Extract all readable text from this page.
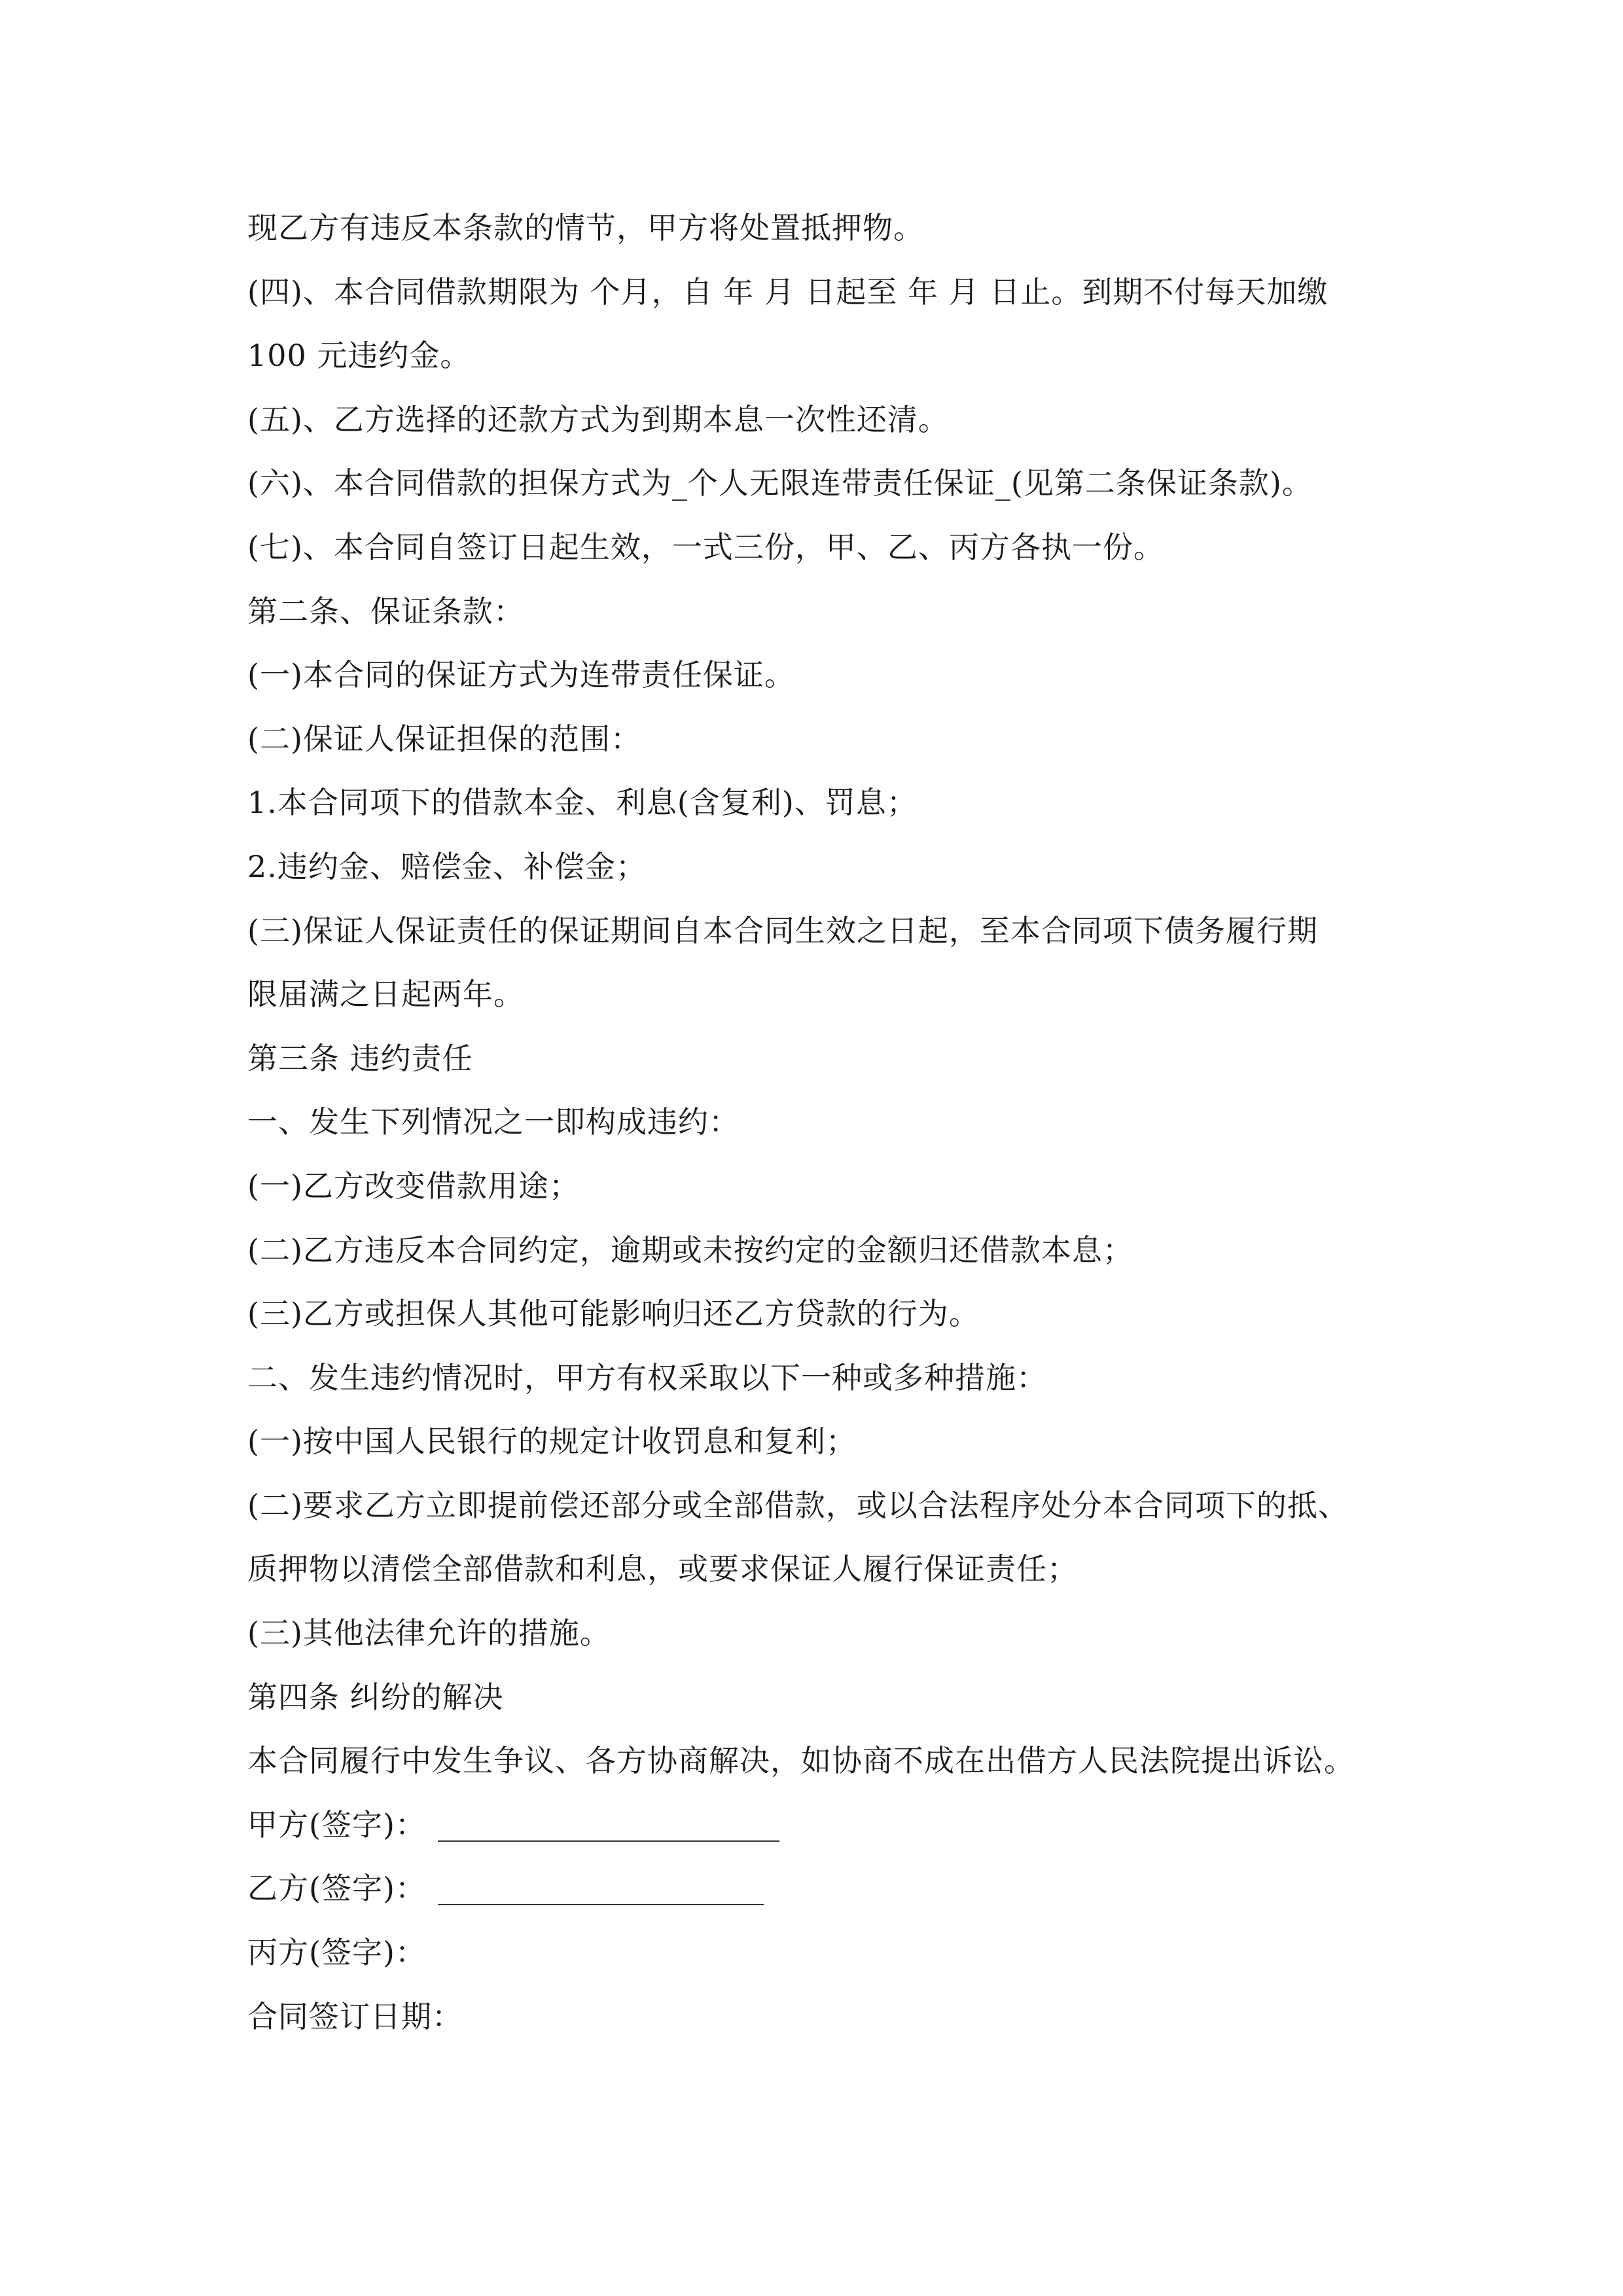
现乙方有违反本条款的情节，甲方将处置抵押物。
(四)、本合同借款期限为 个月，自 年 月 日起至 年 月 日止。到期不付每天加缴
100 元违约金。
(五)、乙方选择的还款方式为到期本息一次性还清。
(六)、本合同借款的担保方式为_个人无限连带责任保证_(见第二条保证条款)。
(七)、本合同自签订日起生效，一式三份，甲、乙、丙方各执一份。
第二条、保证条款：
(一)本合同的保证方式为连带责任保证。
(二)保证人保证担保的范围：
1.本合同项下的借款本金、利息(含复利)、罚息；
2.违约金、赔偿金、补偿金；
(三)保证人保证责任的保证期间自本合同生效之日起，至本合同项下债务履行期
限届满之日起两年。
第三条 违约责任
一、发生下列情况之一即构成违约：
(一)乙方改变借款用途；
(二)乙方违反本合同约定，逾期或未按约定的金额归还借款本息；
(三)乙方或担保人其他可能影响归还乙方贷款的行为。
二、发生违约情况时，甲方有权采取以下一种或多种措施：
(一)按中国人民银行的规定计收罚息和复利；
(二)要求乙方立即提前偿还部分或全部借款，或以合法程序处分本合同项下的抵、
质押物以清偿全部借款和利息，或要求保证人履行保证责任；
(三)其他法律允许的措施。
第四条 纠纷的解决
本合同履行中发生争议、各方协商解决，如协商不成在出借方人民法院提出诉讼。
甲方(签字)：
乙方(签字)：
丙方(签字)：
合同签订日期：
